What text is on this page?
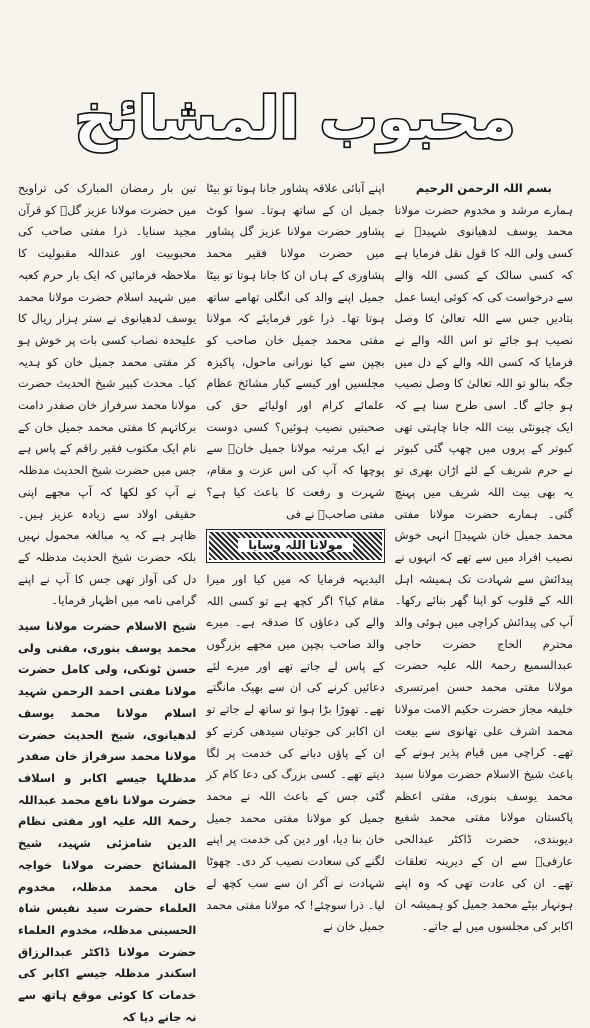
محبوب المشائخ

بسم اللہ الرحمن الرحیم

ہمارے مرشد و مخدوم حضرت مولانا محمد یوسف لدھیانوی شہیدؒ نے کسی ولی اللہ کا قول نقل فرمایا ہے کہ کسی سالک کے کسی اللہ والے سے درخواست کی کہ کوئی ایسا عمل بتادیں جس سے اللہ تعالیٰ کا وصل نصیب ہو جائے تو اس اللہ والے نے فرمایا کہ کسی اللہ والے کے دل میں جگہ بنالو تو اللہ تعالیٰ کا وصل نصیب ہو جائے گا۔ اسی طرح سنا ہے کہ ایک چیونٹی بیت اللہ جانا چاہتی تھی کبوتر کے پروں میں چھپ گئی کبوتر نے حرم شریف کے لئے اڑان بھری تو یہ بھی بیت اللہ شریف میں پہنچ گئی۔ ہمارے حضرت مولانا مفتی محمد جمیل خان شہیدؒ انہی خوش نصیب افراد میں سے تھے کہ انہوں نے پیدائش سے شہادت تک ہمیشہ اہل اللہ کے قلوب کو اپنا گھر بنائے رکھا۔ آپ کی پیدائش کراچی میں ہوئی والد محترم الحاج حضرت حاجی عبدالسمیع رحمۃ اللہ علیہ حضرت مولانا مفتی محمد حسن امرتسری خلیفہ مجاز حضرت حکیم الامت مولانا محمد اشرف علی تھانوی سے بیعت تھے۔ کراچی میں قیام پذیر ہونے کے باعث شیخ الاسلام حضرت مولانا سید محمد یوسف بنوری، مفتی اعظم پاکستان مولانا مفتی محمد شفیع دیوبندی، حضرت ڈاکٹر عبدالحی عارفیؒ سے ان کے دیرینہ تعلقات تھے۔ ان کی عادت تھی کہ وہ اپنے ہونہار بیٹے محمد جمیل کو ہمیشہ ان اکابر کی مجلسوں میں لے جاتے۔

اپنے آبائی علاقہ پشاور جانا ہوتا تو بیٹا جمیل ان کے ساتھ ہوتا۔ سوا کوٹ پشاور حضرت مولانا عزیز گل پشاور میں حضرت مولانا فقیر محمد پشاوری کے ہاں ان کا جانا ہوتا تو بیٹا جمیل اپنے والد کی انگلی تھامے ساتھ ہوتا تھا۔ ذرا غور فرمایئے کہ مولانا مفتی محمد جمیل خان صاحب کو بچپن سے کیا نورانی ماحول، پاکیزہ مجلسیں اور کیسے کبار مشائخ عظام علمائے کرام اور اولیائے حق کی صحبتیں نصیب ہوئیں؟ کسی دوست نے ایک مرتبہ مولانا جمیل خانؒ سے پوچھا کہ آپ کی اس عزت و مقام، شہرت و رفعت کا باعث کیا ہے؟ مفتی صاحبؒ نے فی

مولانا اللہ وسایا

البدیہہ فرمایا کہ میں کیا اور میرا مقام کیا؟ اگر کچھ ہے تو کسی اللہ والے کی دعاؤں کا صدقہ ہے۔ میرے والد صاحب بچپن میں مجھے بزرگوں کے پاس لے جاتے تھے اور میرے لئے دعائیں کرنے کی ان سے بھیک مانگتے تھے۔ تھوڑا بڑا ہوا تو ساتھ لے جاتے تو ان اکابر کی جوتیاں سیدھی کرنے کو ان کے پاؤں دبانے کی خدمت پر لگا دیتے تھے۔ کسی بزرگ کی دعا کام کر گئی جس کے باعث اللہ نے محمد جمیل کو مولانا مفتی محمد جمیل خان بنا دیا، اور دین کی خدمت پر اپنے لگنے کی سعادت نصیب کر دی۔ چھوٹا شہادت نے آکر ان سے سب کچھ لے لیا۔ ذرا سوچئے! کہ مولانا مفتی محمد جمیل خان نے

تین بار رمضان المبارک کی تراویح میں حضرت مولانا عزیز گلؒ کو قرآن مجید سنایا۔ ذرا مفتی صاحب کی محبوبیت اور عنداللہ مقبولیت کا ملاحظہ فرمائیں کہ ایک بار حرم کعبہ میں شہید اسلام حضرت مولانا محمد یوسف لدھیانوی نے ستر ہزار ریال کا علیحدہ نصاب کسی بات پر خوش ہو کر مفتی محمد جمیل خان کو ہدیہ کیا۔ محدث کبیر شیخ الحدیث حضرت مولانا محمد سرفراز خان صفدر دامت برکاتہم کا مفتی محمد جمیل خان کے نام ایک مکتوب فقیر راقم کے پاس ہے جس میں حضرت شیخ الحدیث مدظلہ نے آپ کو لکھا کہ آپ مجھے اپنی حقیقی اولاد سے زیادہ عزیز ہیں۔ ظاہر ہے کہ یہ مبالغہ محمول نہیں بلکہ حضرت شیخ الحدیث مدظلہ کے دل کی آواز تھی جس کا آپ نے اپنے گرامی نامہ میں اظہار فرمایا۔

شیخ الاسلام حضرت مولانا سید محمد یوسف بنوری، مفتی ولی حسن ٹونکی، ولی کامل حضرت مولانا مفتی احمد الرحمن شہید اسلام مولانا محمد یوسف لدھیانوی، شیخ الحدیث حضرت مولانا محمد سرفراز خان صفدر مدظلہا جیسے اکابر و اسلاف حضرت مولانا نافع محمد عبداللہ رحمۃ اللہ علیہ اور مفتی نظام الدین شامزئی شہید، شیخ المشائخ حضرت مولانا خواجہ خان محمد مدظلہ، مخدوم العلماء حضرت سید نفیس شاہ الحسینی مدظلہ، مخدوم العلماء حضرت مولانا ڈاکٹر عبدالرزاق اسکندر مدظلہ جیسے اکابر کی خدمات کا کوئی موقع ہاتھ سے نہ جانے دیا کہ
